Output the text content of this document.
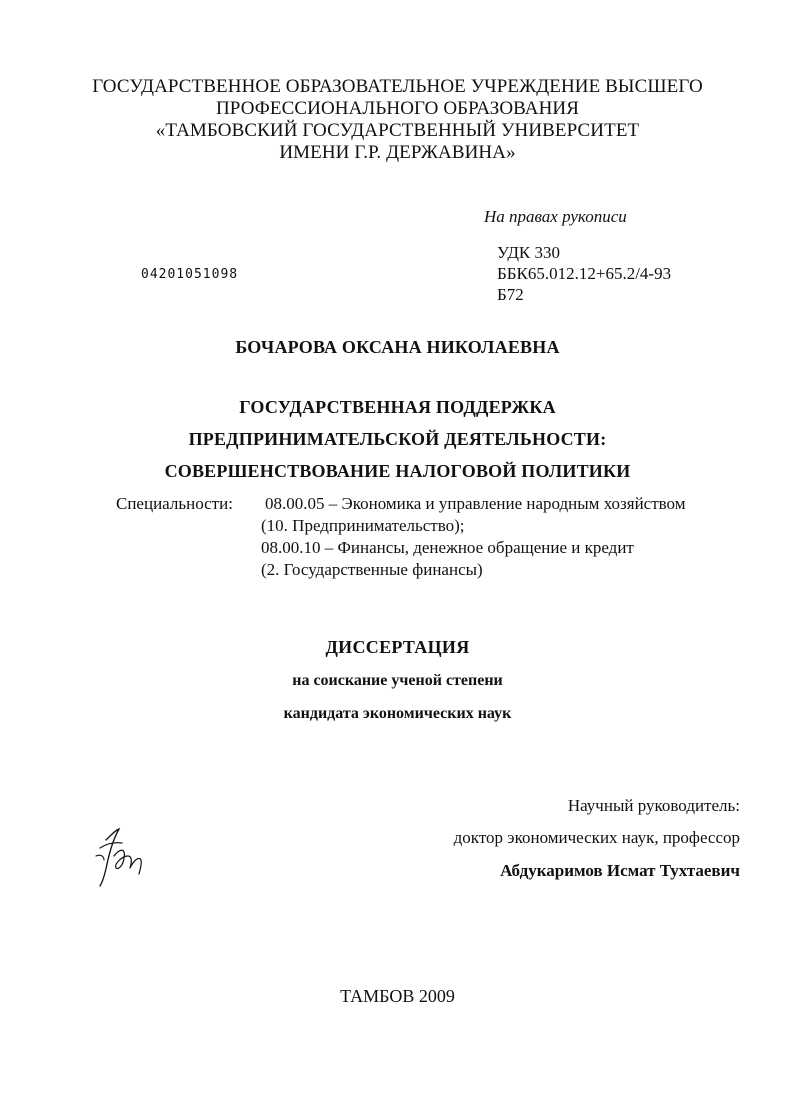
ГОСУДАРСТВЕННОЕ ОБРАЗОВАТЕЛЬНОЕ УЧРЕЖДЕНИЕ ВЫСШЕГО
ПРОФЕССИОНАЛЬНОГО ОБРАЗОВАНИЯ
«ТАМБОВСКИЙ ГОСУДАРСТВЕННЫЙ УНИВЕРСИТЕТ
ИМЕНИ Г.Р. ДЕРЖАВИНА»
На правах рукописи
УДК 330
ББК65.012.12+65.2/4-93
Б72
04201051098
БОЧАРОВА ОКСАНА НИКОЛАЕВНА
ГОСУДАРСТВЕННАЯ ПОДДЕРЖКА
ПРЕДПРИНИМАТЕЛЬСКОЙ ДЕЯТЕЛЬНОСТИ:
СОВЕРШЕНСТВОВАНИЕ НАЛОГОВОЙ ПОЛИТИКИ
Специальности: 08.00.05 – Экономика и управление народным хозяйством
(10. Предпринимательство);
08.00.10 – Финансы, денежное обращение и кредит
(2. Государственные финансы)
ДИССЕРТАЦИЯ
на соискание ученой степени
кандидата экономических наук
Научный руководитель:
доктор экономических наук, профессор
Абдукаримов Исмат Тухтаевич
ТАМБОВ 2009
